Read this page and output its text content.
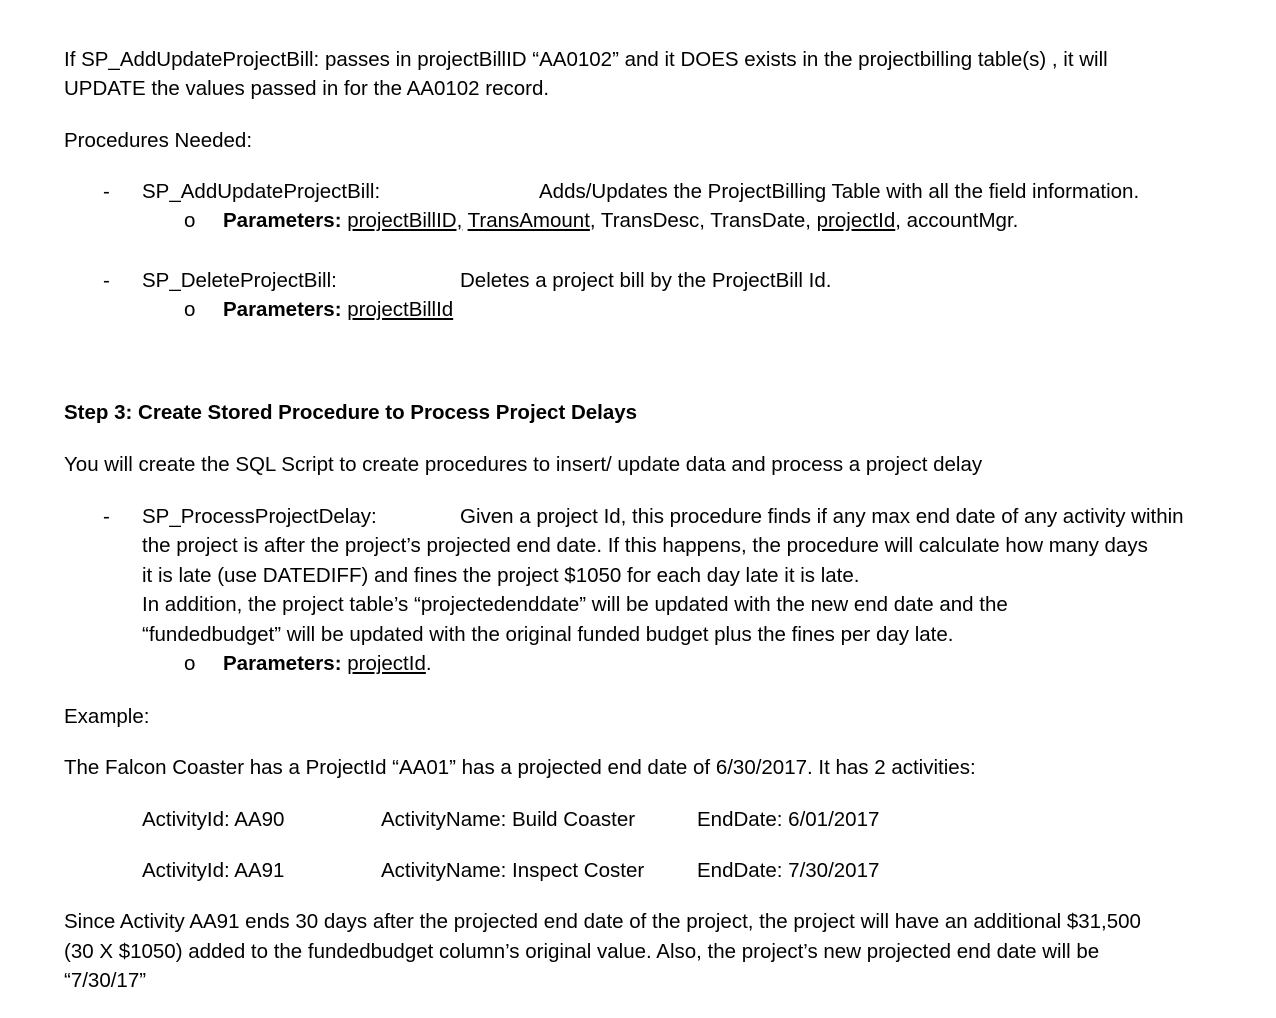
If SP_AddUpdateProjectBill: passes in projectBillID “AA0102” and it DOES exists in the projectbilling table(s) , it will
UPDATE the values passed in for the AA0102 record.
Procedures Needed:
- SP_AddUpdateProjectBill:	Adds/Updates the ProjectBilling Table with all the field information.
o Parameters: projectBillID, TransAmount, TransDesc, TransDate, projectId, accountMgr.
- SP_DeleteProjectBill:	Deletes a project bill by the ProjectBill Id.
o Parameters: projectBillId
Step 3: Create Stored Procedure to Process Project Delays
You will create the SQL Script to create procedures to insert/ update data and process a project delay
- SP_ProcessProjectDelay:	Given a project Id, this procedure finds if any max end date of any activity within
the project is after the project’s projected end date. If this happens, the procedure will calculate how many days
it is late (use DATEDIFF) and fines the project $1050 for each day late it is late.
In addition, the project table’s “projectedenddate” will be updated with the new end date and the
“fundedbudget” will be updated with the original funded budget plus the fines per day late.
o Parameters: projectId.
Example:
The Falcon Coaster has a ProjectId “AA01” has a projected end date of 6/30/2017. It has 2 activities:
ActivityId: AA90	ActivityName: Build Coaster	EndDate: 6/01/2017
ActivityId: AA91	ActivityName: Inspect Coster	EndDate: 7/30/2017
Since Activity AA91 ends 30 days after the projected end date of the project, the project will have an additional $31,500
(30 X $1050) added to the fundedbudget column’s original value. Also, the project’s new projected end date will be
“7/30/17”
